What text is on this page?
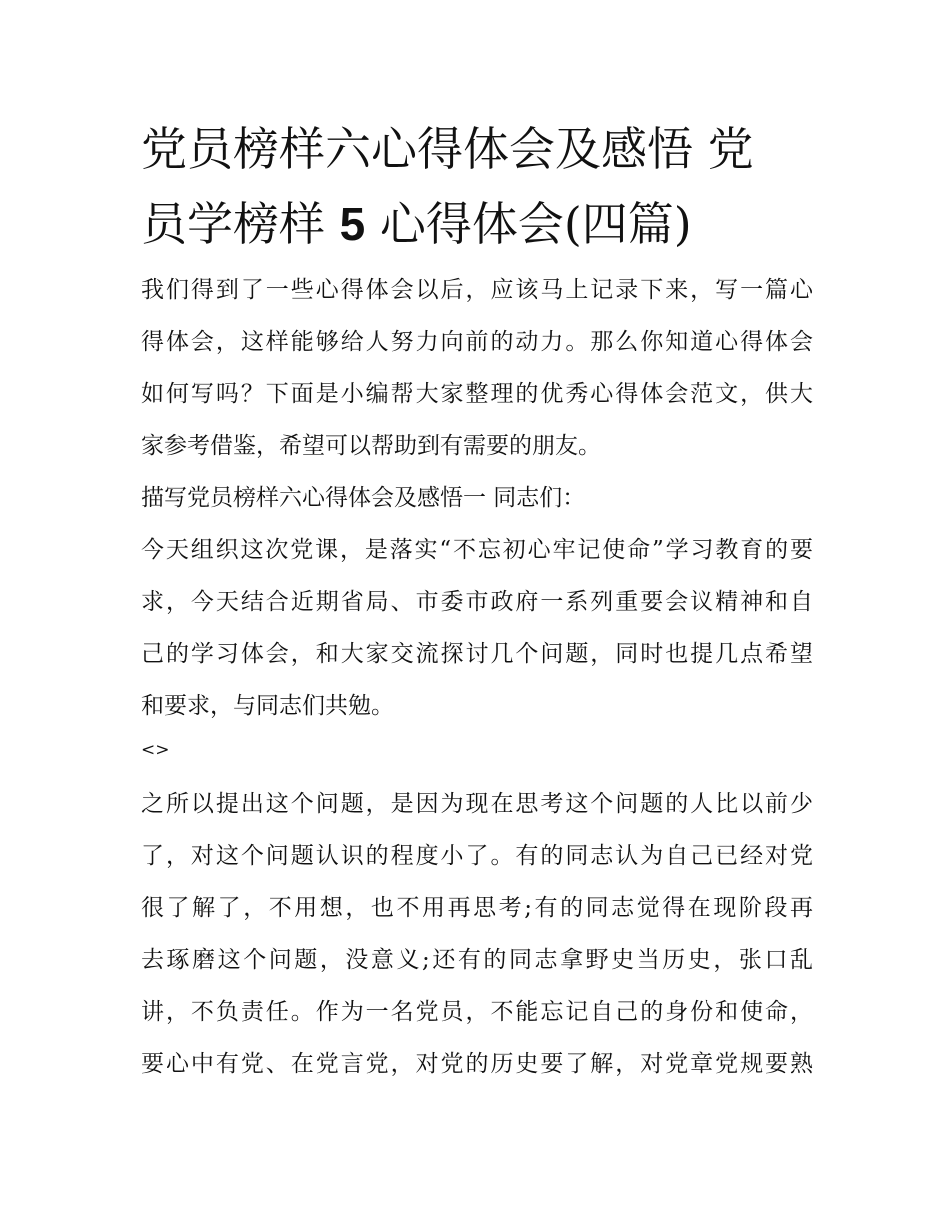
党员榜样六心得体会及感悟 党
员学榜样 5 心得体会(四篇)

我们得到了一些心得体会以后，应该马上记录下来，写一篇心
得体会，这样能够给人努力向前的动力。那么你知道心得体会
如何写吗？下面是小编帮大家整理的优秀心得体会范文，供大
家参考借鉴，希望可以帮助到有需要的朋友。

描写党员榜样六心得体会及感悟一 同志们：

今天组织这次党课，是落实“不忘初心牢记使命”学习教育的要
求，今天结合近期省局、市委市政府一系列重要会议精神和自
己的学习体会，和大家交流探讨几个问题，同时也提几点希望
和要求，与同志们共勉。

<>

之所以提出这个问题，是因为现在思考这个问题的人比以前少
了，对这个问题认识的程度小了。有的同志认为自己已经对党
很了解了，不用想，也不用再思考;有的同志觉得在现阶段再
去琢磨这个问题，没意义;还有的同志拿野史当历史，张口乱
讲，不负责任。作为一名党员，不能忘记自己的身份和使命，
要心中有党、在党言党，对党的历史要了解，对党章党规要熟
